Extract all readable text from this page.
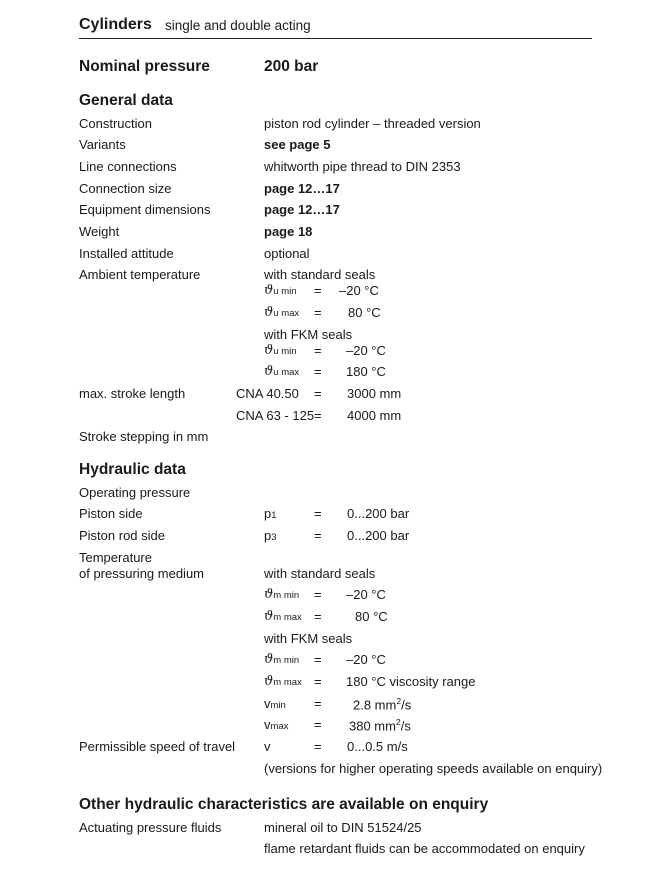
Cylinders single and double acting
Nominal pressure	200 bar
General data
Construction	piston rod cylinder – threaded version
Variants	see page 5
Line connections	whitworth pipe thread to DIN 2353
Connection size	page 12…17
Equipment dimensions	page 12…17
Weight	page 18
Installed attitude	optional
Ambient temperature	with standard seals
ϑu min = –20 °C
ϑu max = 80 °C
with FKM seals
ϑu min = –20 °C
ϑu max = 180 °C
max. stroke length	CNA 40.50 = 3000 mm
CNA 63 - 125 = 4000 mm
Stroke stepping in mm
Hydraulic data
Operating pressure
Piston side	p1	= 0...200 bar
Piston rod side	p3	= 0...200 bar
Temperature
of pressuring medium	with standard seals
ϑm min = –20 °C
ϑm max =	80 °C
with FKM seals
ϑm min = –20 °C
ϑm max = 180 °C viscosity range
vmin = 2.8 $mm^2/s$
vmax = 380 $mm^2/s$
Permissible speed of travel v	= 0...0.5 m/s
(versions for higher operating speeds available on enquiry)
Other hydraulic characteristics are available on enquiry
Actuating pressure fluids	mineral oil to DIN 51524/25
flame retardant fluids can be accommodated on enquiry
